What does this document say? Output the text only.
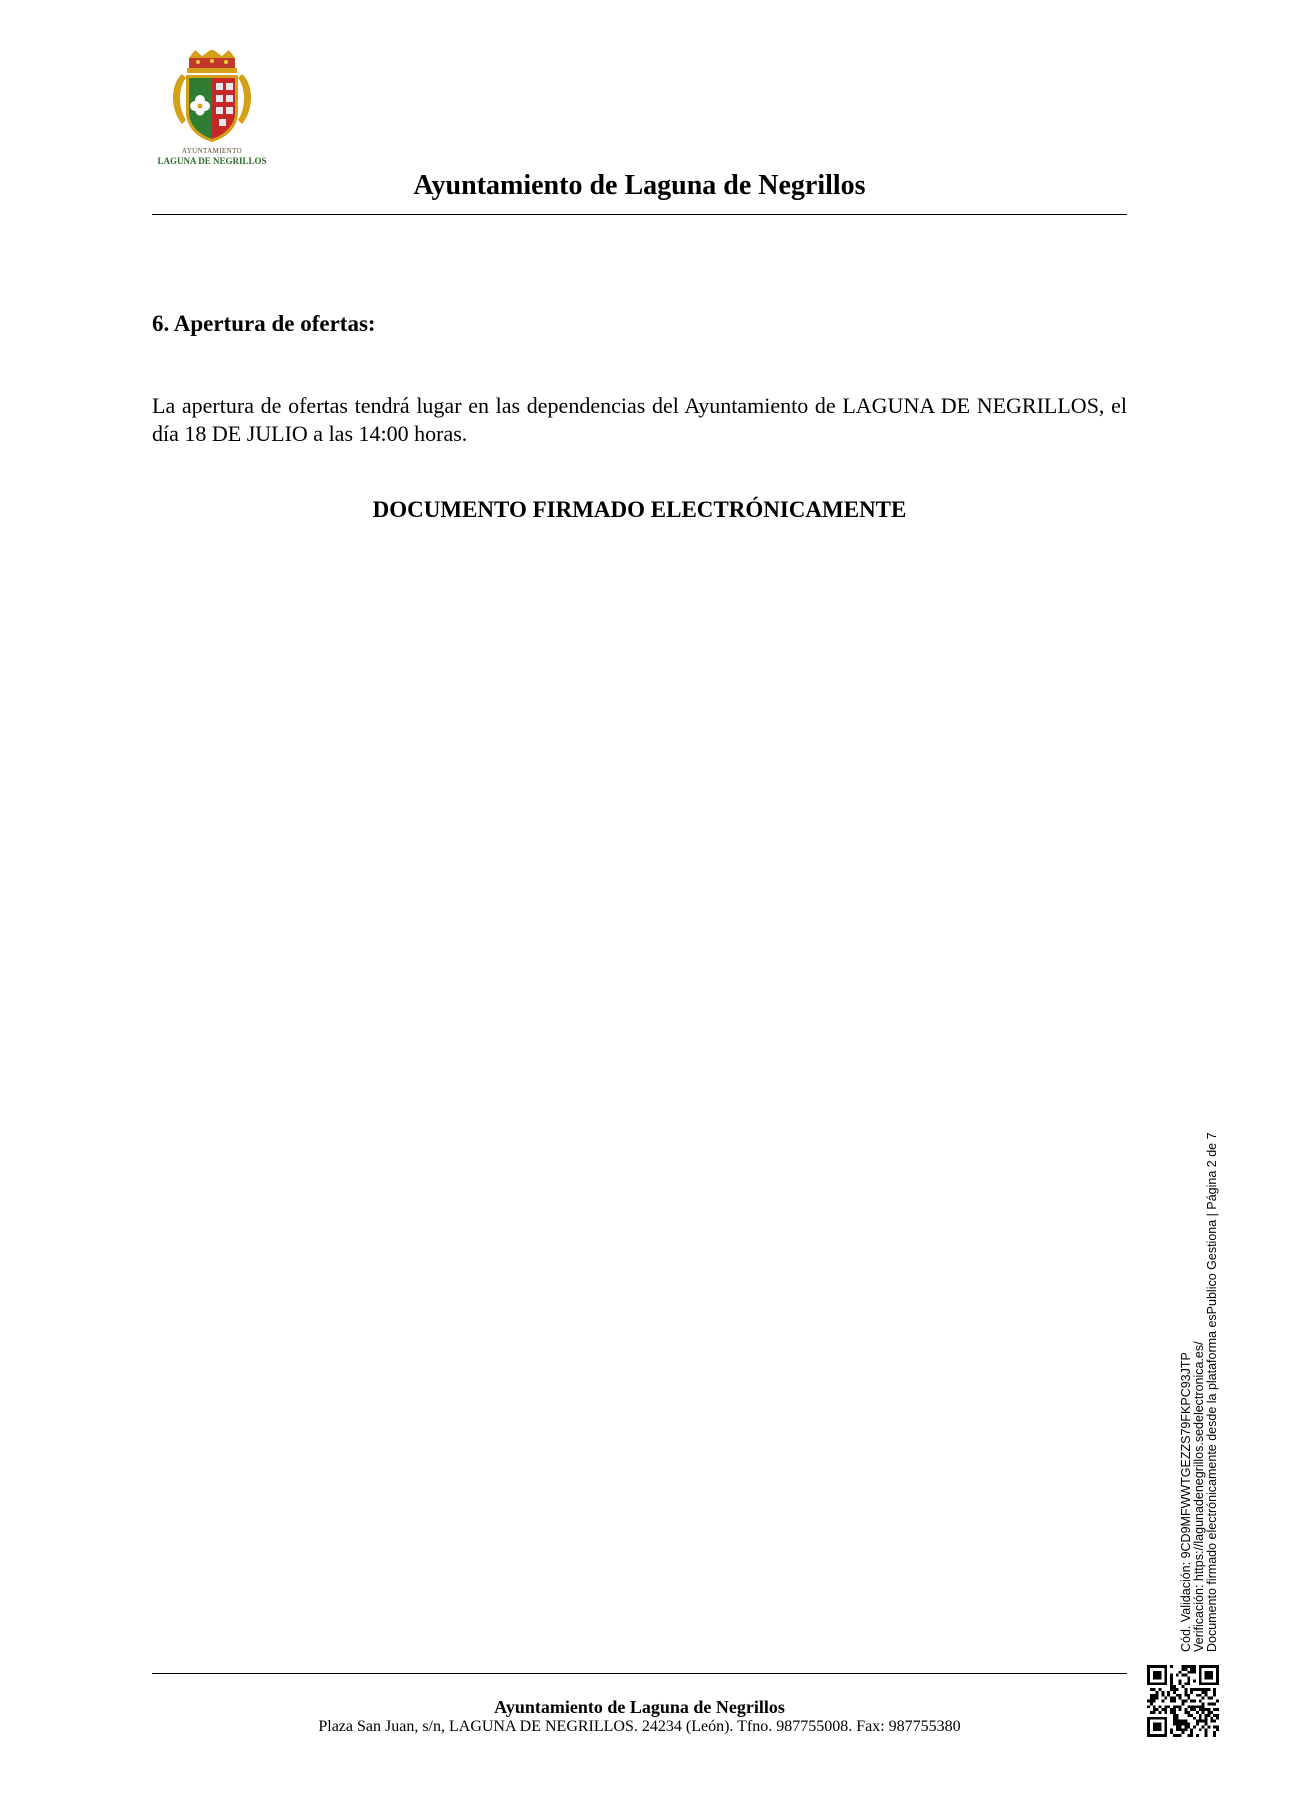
AYUNTAMIENTO
LAGUNA DE NEGRILLOS
Ayuntamiento de Laguna de Negrillos
6. Apertura de ofertas:
La apertura de ofertas tendrá lugar en las dependencias del Ayuntamiento de LAGUNA DE NEGRILLOS, el día 18 DE JULIO a las 14:00 horas.
DOCUMENTO FIRMADO ELECTRÓNICAMENTE
Cód. Validación: 9CD9MFWWTGEZZS79FKPC93JTP Verificación: https://lagunadenegrillos.sedelectronica.es/ Documento firmado electrónicamente desde la plataforma esPublico Gestiona | Página 2 de 7
Ayuntamiento de Laguna de Negrillos
Plaza San Juan, s/n, LAGUNA DE NEGRILLOS. 24234 (León). Tfno. 987755008. Fax: 987755380
